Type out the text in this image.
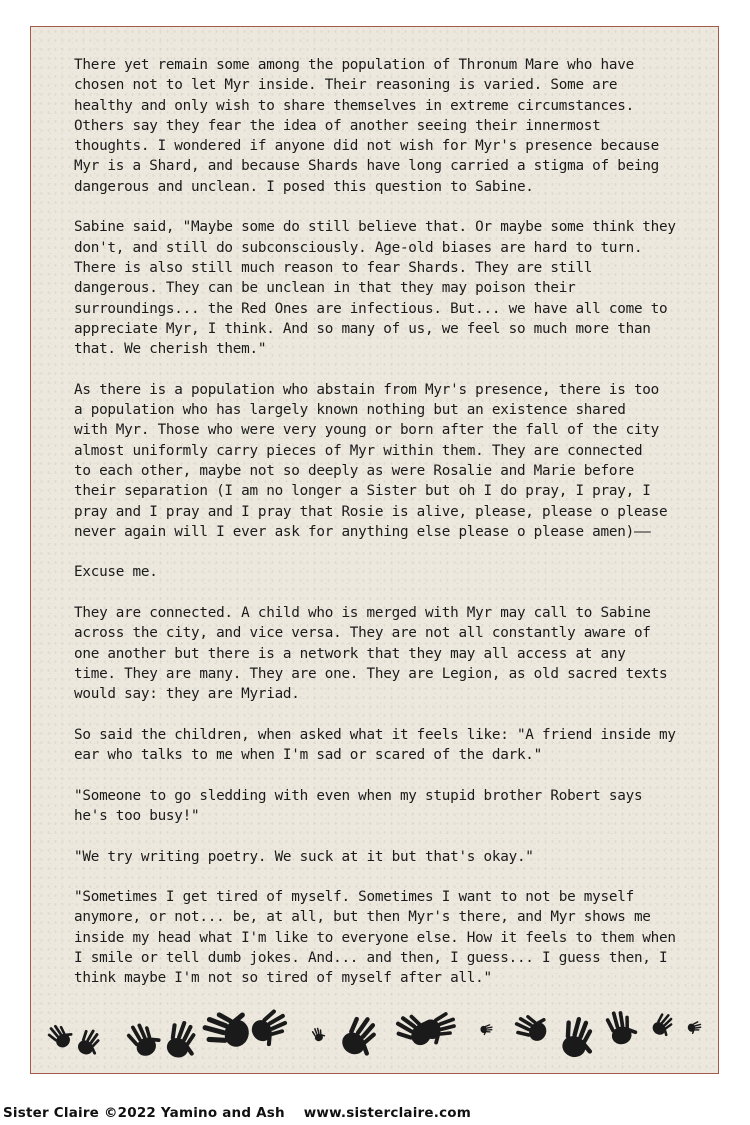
There yet remain some among the population of Thronum Mare who have
chosen not to let Myr inside. Their reasoning is varied. Some are
healthy and only wish to share themselves in extreme circumstances.
Others say they fear the idea of another seeing their innermost
thoughts. I wondered if anyone did not wish for Myr's presence because
Myr is a Shard, and because Shards have long carried a stigma of being
dangerous and unclean. I posed this question to Sabine.

Sabine said, "Maybe some do still believe that. Or maybe some think they
don't, and still do subconsciously. Age-old biases are hard to turn.
There is also still much reason to fear Shards. They are still
dangerous. They can be unclean in that they may poison their
surroundings... the Red Ones are infectious. But... we have all come to
appreciate Myr, I think. And so many of us, we feel so much more than
that. We cherish them."

As there is a population who abstain from Myr's presence, there is too
a population who has largely known nothing but an existence shared
with Myr. Those who were very young or born after the fall of the city
almost uniformly carry pieces of Myr within them. They are connected
to each other, maybe not so deeply as were Rosalie and Marie before
their separation (I am no longer a Sister but oh I do pray, I pray, I
pray and I pray and I pray that Rosie is alive, please, please o please
never again will I ever ask for anything else please o please amen)——

Excuse me.

They are connected. A child who is merged with Myr may call to Sabine
across the city, and vice versa. They are not all constantly aware of
one another but there is a network that they may all access at any
time. They are many. They are one. They are Legion, as old sacred texts
would say: they are Myriad.

So said the children, when asked what it feels like: "A friend inside my
ear who talks to me when I'm sad or scared of the dark."

"Someone to go sledding with even when my stupid brother Robert says
he's too busy!"

"We try writing poetry. We suck at it but that's okay."

"Sometimes I get tired of myself. Sometimes I want to not be myself
anymore, or not... be, at all, but then Myr's there, and Myr shows me
inside my head what I'm like to everyone else. How it feels to them when
I smile or tell dumb jokes. And... and then, I guess... I guess then, I
think maybe I'm not so tired of myself after all."

Sister Claire ©2022 Yamino and Ash www.sisterclaire.com
